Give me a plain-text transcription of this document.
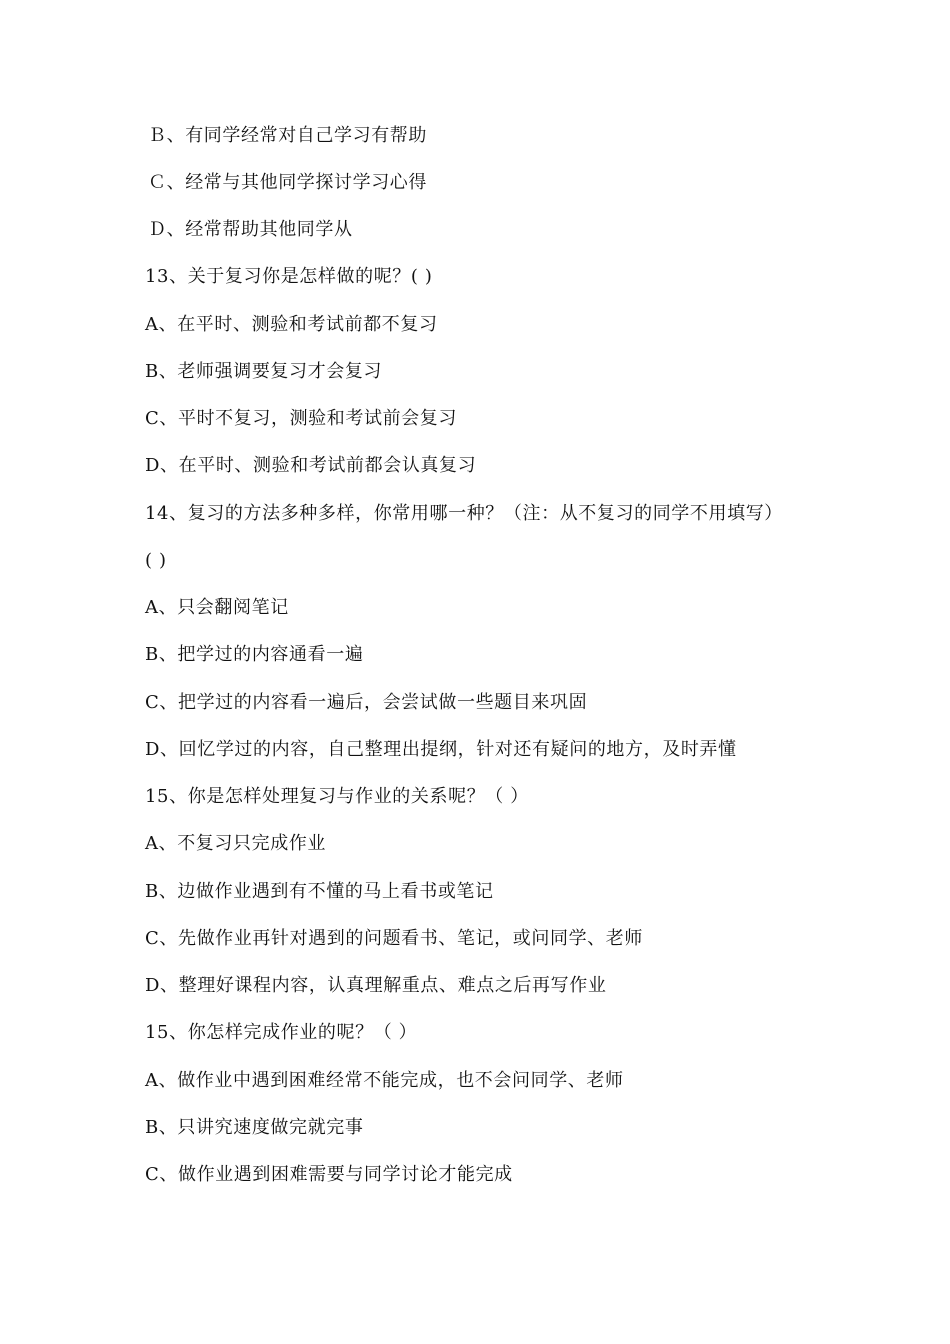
Ｂ、有同学经常对自己学习有帮助
Ｃ、经常与其他同学探讨学习心得
Ｄ、经常帮助其他同学从
13、关于复习你是怎样做的呢？( )
A、在平时、测验和考试前都不复习
B、老师强调要复习才会复习
C、平时不复习，测验和考试前会复习
D、在平时、测验和考试前都会认真复习
14、复习的方法多种多样，你常用哪一种？（注：从不复习的同学不用填写）
( )
A、只会翻阅笔记
B、把学过的内容通看一遍
C、把学过的内容看一遍后，会尝试做一些题目来巩固
D、回忆学过的内容，自己整理出提纲，针对还有疑问的地方，及时弄懂
15、你是怎样处理复习与作业的关系呢？（ ）
A、不复习只完成作业
B、边做作业遇到有不懂的马上看书或笔记
C、先做作业再针对遇到的问题看书、笔记，或问同学、老师
D、整理好课程内容，认真理解重点、难点之后再写作业
15、你怎样完成作业的呢？（ ）
A、做作业中遇到困难经常不能完成，也不会问同学、老师
B、只讲究速度做完就完事
C、做作业遇到困难需要与同学讨论才能完成
